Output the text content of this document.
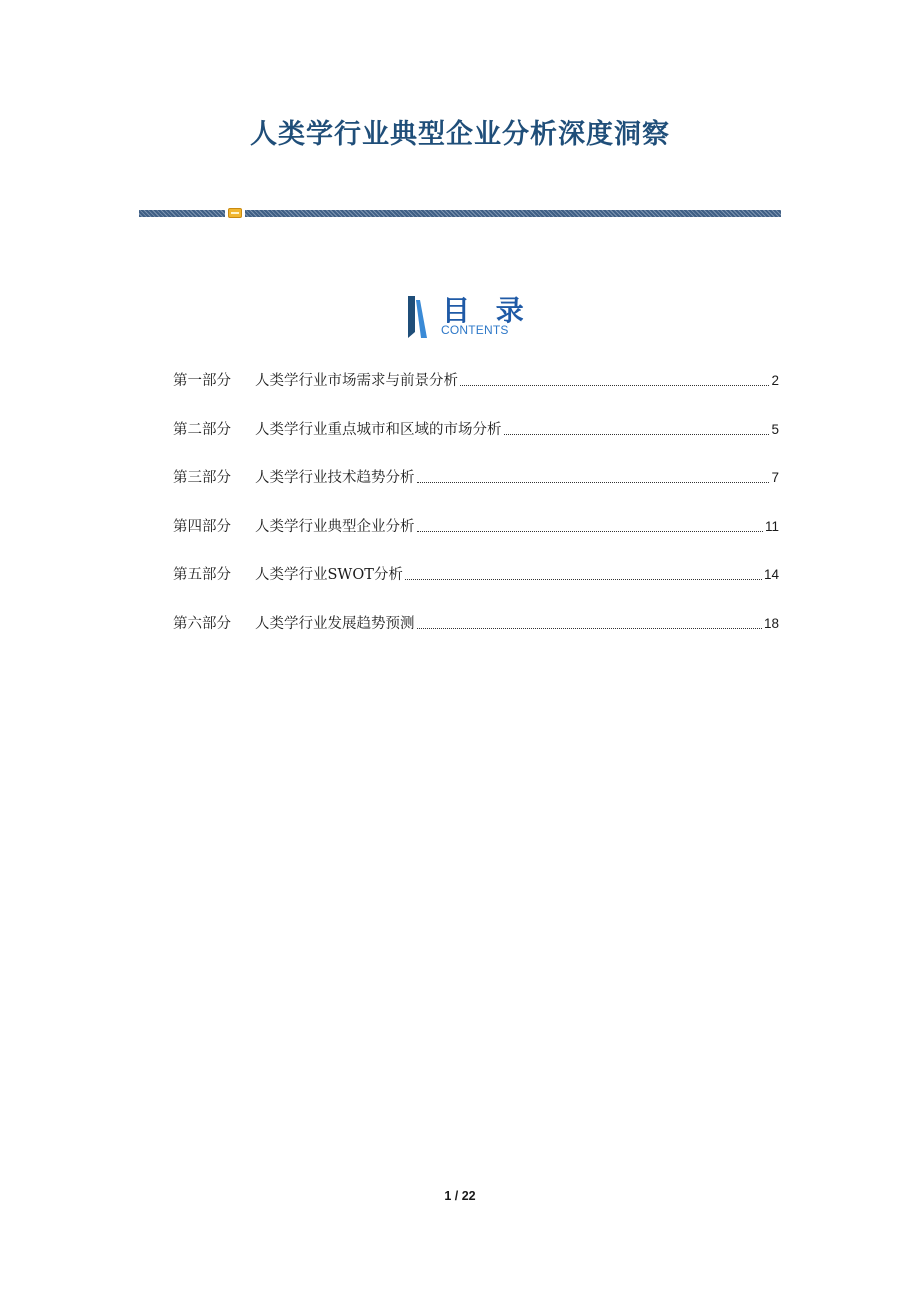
人类学行业典型企业分析深度洞察
目 录
CONTENTS
第一部分	人类学行业市场需求与前景分析	2
第二部分	人类学行业重点城市和区域的市场分析	5
第三部分	人类学行业技术趋势分析	7
第四部分	人类学行业典型企业分析	11
第五部分	人类学行业SWOT分析	14
第六部分	人类学行业发展趋势预测	18
1 / 22
